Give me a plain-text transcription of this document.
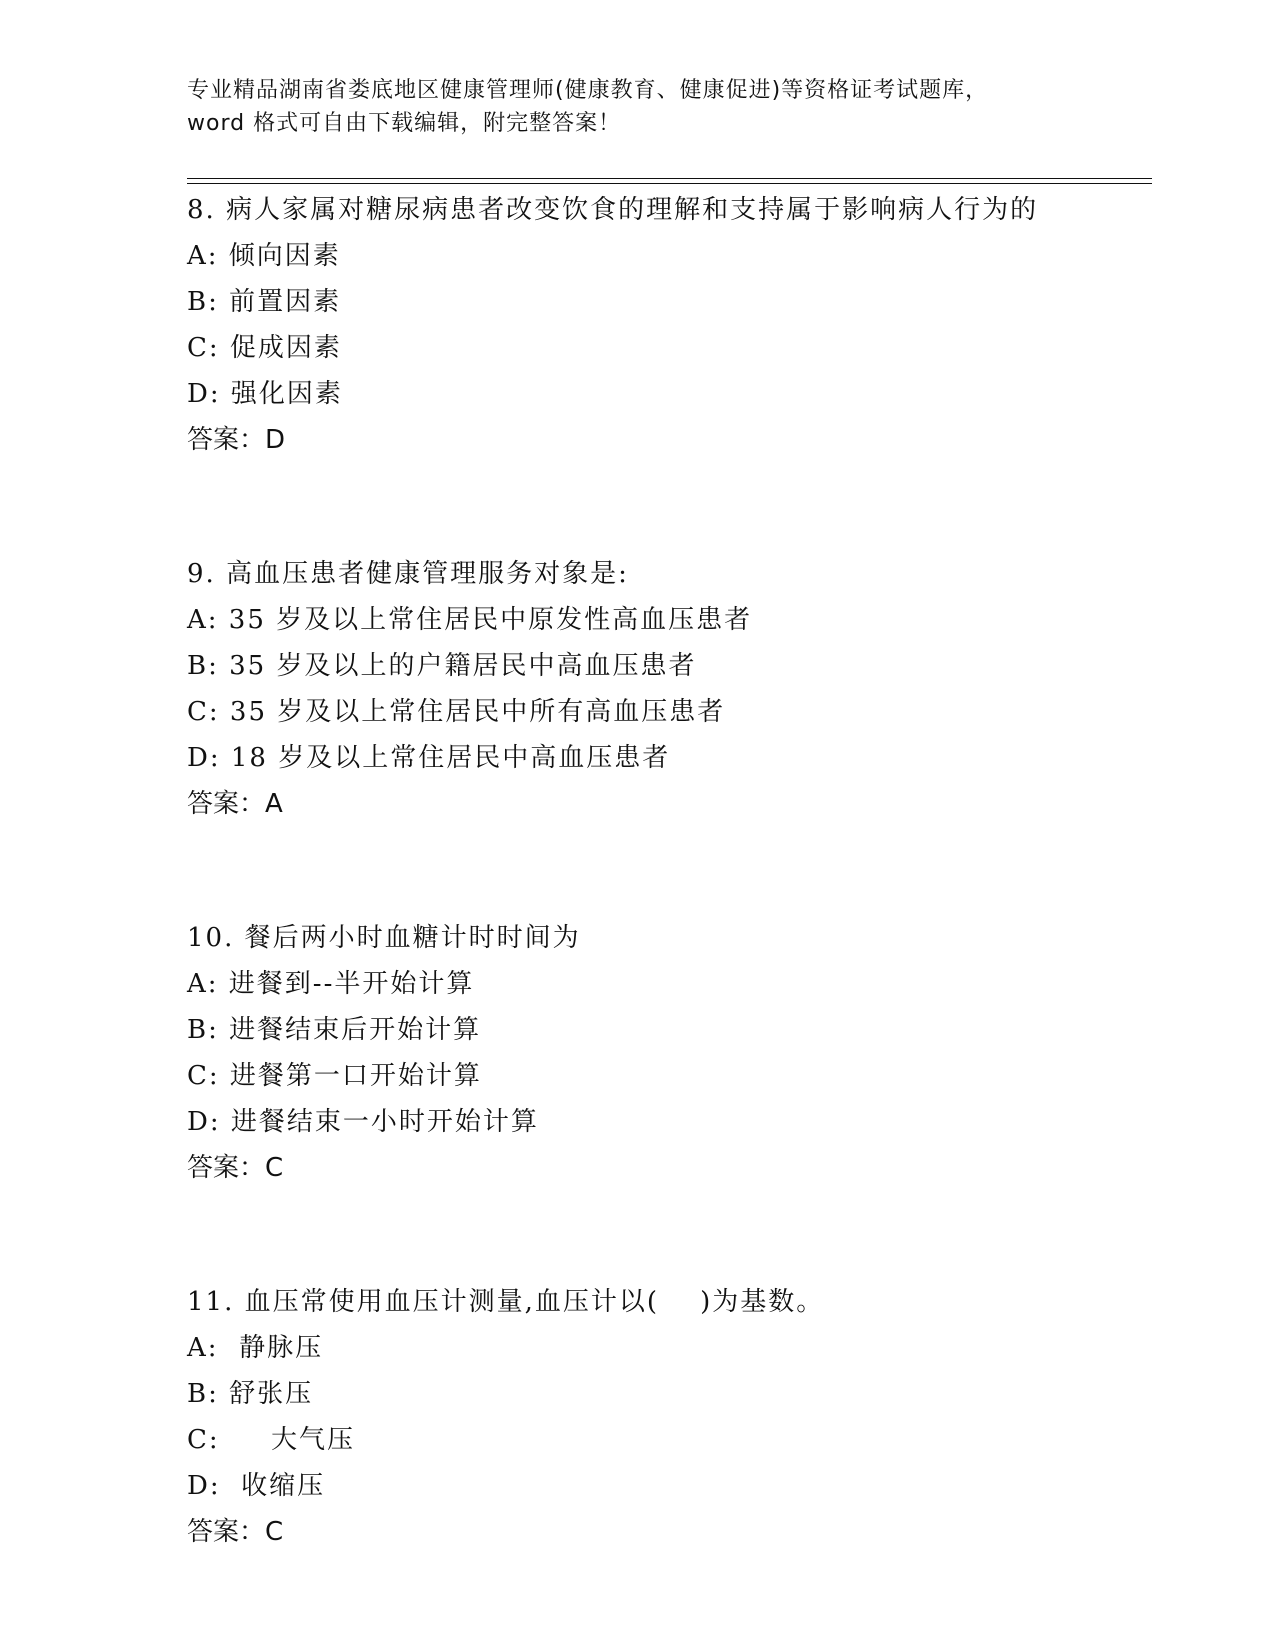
专业精品湖南省娄底地区健康管理师(健康教育、健康促进)等资格证考试题库，
word 格式可自由下载编辑，附完整答案！
8. 病人家属对糖尿病患者改变饮食的理解和支持属于影响病人行为的
A: 倾向因素
B: 前置因素
C: 促成因素
D: 强化因素
答案：D
9. 高血压患者健康管理服务对象是:
A: 35 岁及以上常住居民中原发性高血压患者
B: 35 岁及以上的户籍居民中高血压患者
C: 35 岁及以上常住居民中所有高血压患者
D: 18 岁及以上常住居民中高血压患者
答案：A
10. 餐后两小时血糖计时时间为
A: 进餐到--半开始计算
B: 进餐结束后开始计算
C: 进餐第一口开始计算
D: 进餐结束一小时开始计算
答案：C
11. 血压常使用血压计测量,血压计以(    )为基数。
A:  静脉压
B: 舒张压
C:     大气压
D:  收缩压
答案：C
